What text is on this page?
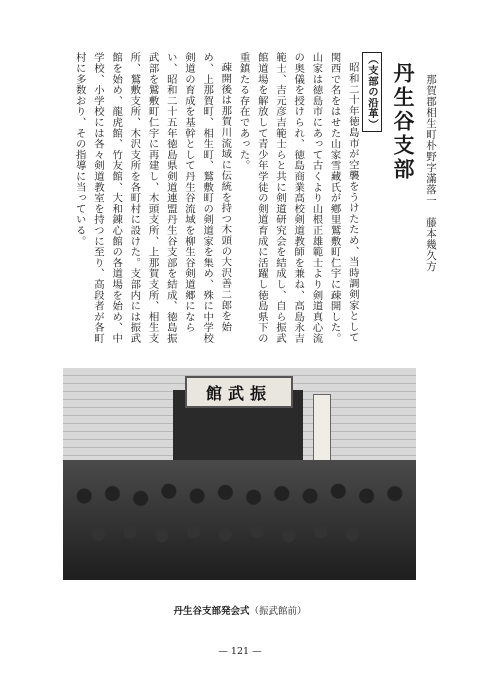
丹生谷支部 那賀郡相生町朴野字滿落一　藤本幾久方
（支部の沿革）

昭和二十年徳島市が空襲をうけたため、当時調剣家として関西で名をはせた山家雪藏氏が鄕里鷲敷町仁宇に疎開した。山家は徳島市にあって古くより山根正雄範士より剣道真心流の奥儀を授けられ、徳島商業高校剣道教師を兼ね、高島永吉範士、吉元彦吉範士らと共に剣道研究会を結成し、自ら振武館道場を解放して青少年学徒の剣道育成に活躍し徳島県下の重鎮たる存在であった。

疎開後は那賀川流域に伝統を持つ木頭の大沢善二郎を始め、上那賀町、相生町、鷲敷町の剣道家を集め、殊に中学校剣道の育成を基幹として丹生谷流域を柳生谷剣道郷にならい、昭和二十五年徳島県剣道連盟丹生谷支部を結成、徳島振武部を鷲敷町仁宇に再建し、木頭支所、上那賀支所、相生支所、鷲敷支所、木沢支所を各町村に設けた。支部内には振武館を始め、龍虎館、竹友館、大和錬心館の各道場を始め、中学校、小学校には各々剣道教室を持つに至り、高段者が各町村に多数おり、その指導に当っている。

館武振
丹生谷支部発会式（振武館前）
— 121 —
